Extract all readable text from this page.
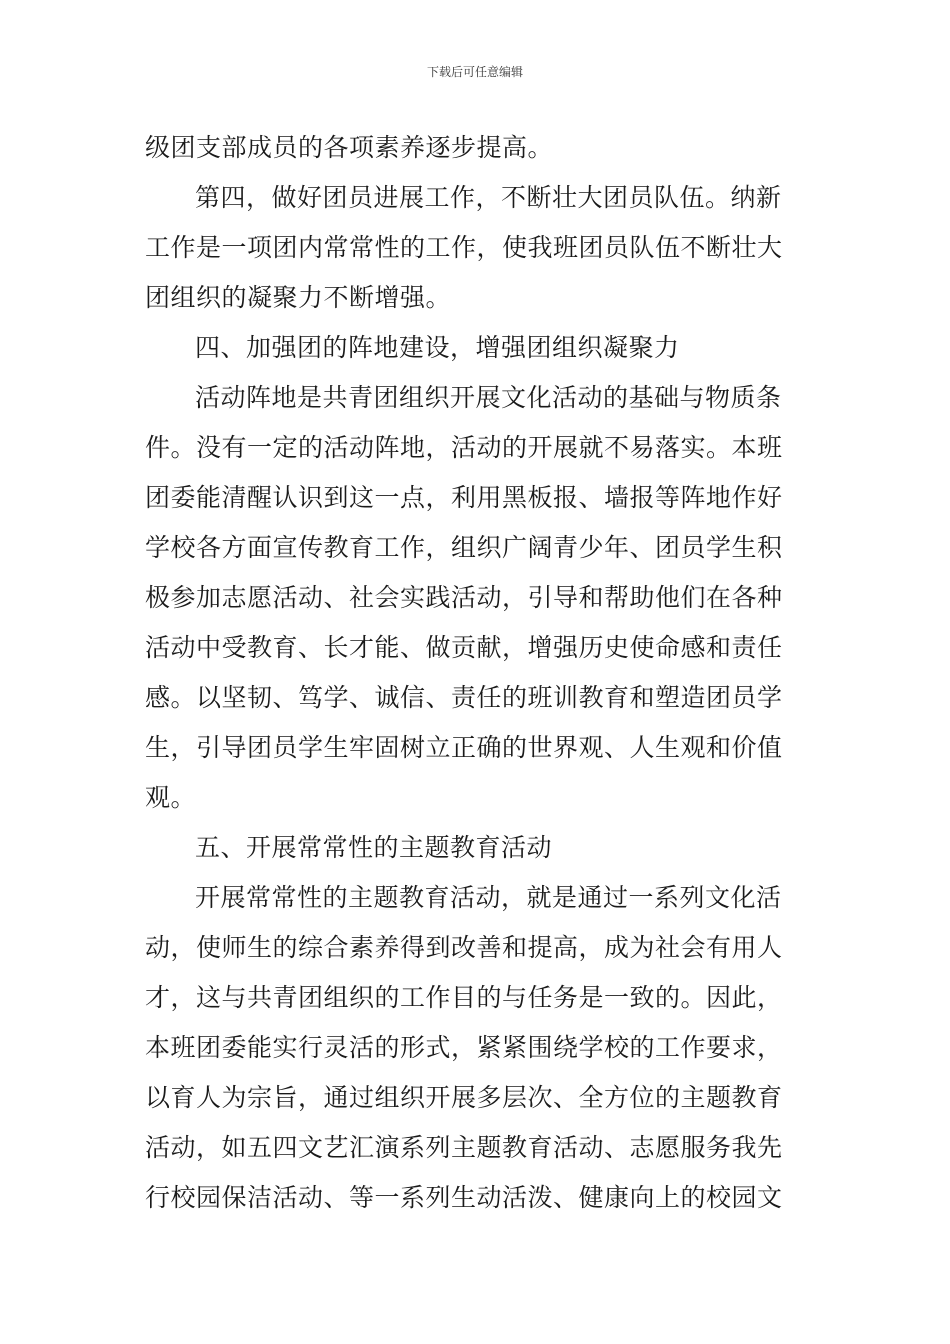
下载后可任意编辑
级团支部成员的各项素养逐步提高。
第四，做好团员进展工作，不断壮大团员队伍。纳新
工作是一项团内常常性的工作，使我班团员队伍不断壮大
团组织的凝聚力不断增强。
四、加强团的阵地建设，增强团组织凝聚力
活动阵地是共青团组织开展文化活动的基础与物质条
件。没有一定的活动阵地，活动的开展就不易落实。本班
团委能清醒认识到这一点，利用黑板报、墙报等阵地作好
学校各方面宣传教育工作，组织广阔青少年、团员学生积
极参加志愿活动、社会实践活动，引导和帮助他们在各种
活动中受教育、长才能、做贡献，增强历史使命感和责任
感。以坚韧、笃学、诚信、责任的班训教育和塑造团员学
生，引导团员学生牢固树立正确的世界观、人生观和价值
观。
五、开展常常性的主题教育活动
开展常常性的主题教育活动，就是通过一系列文化活
动，使师生的综合素养得到改善和提高，成为社会有用人
才，这与共青团组织的工作目的与任务是一致的。因此，
本班团委能实行灵活的形式，紧紧围绕学校的工作要求，
以育人为宗旨，通过组织开展多层次、全方位的主题教育
活动，如五四文艺汇演系列主题教育活动、志愿服务我先
行校园保洁活动、等一系列生动活泼、健康向上的校园文
